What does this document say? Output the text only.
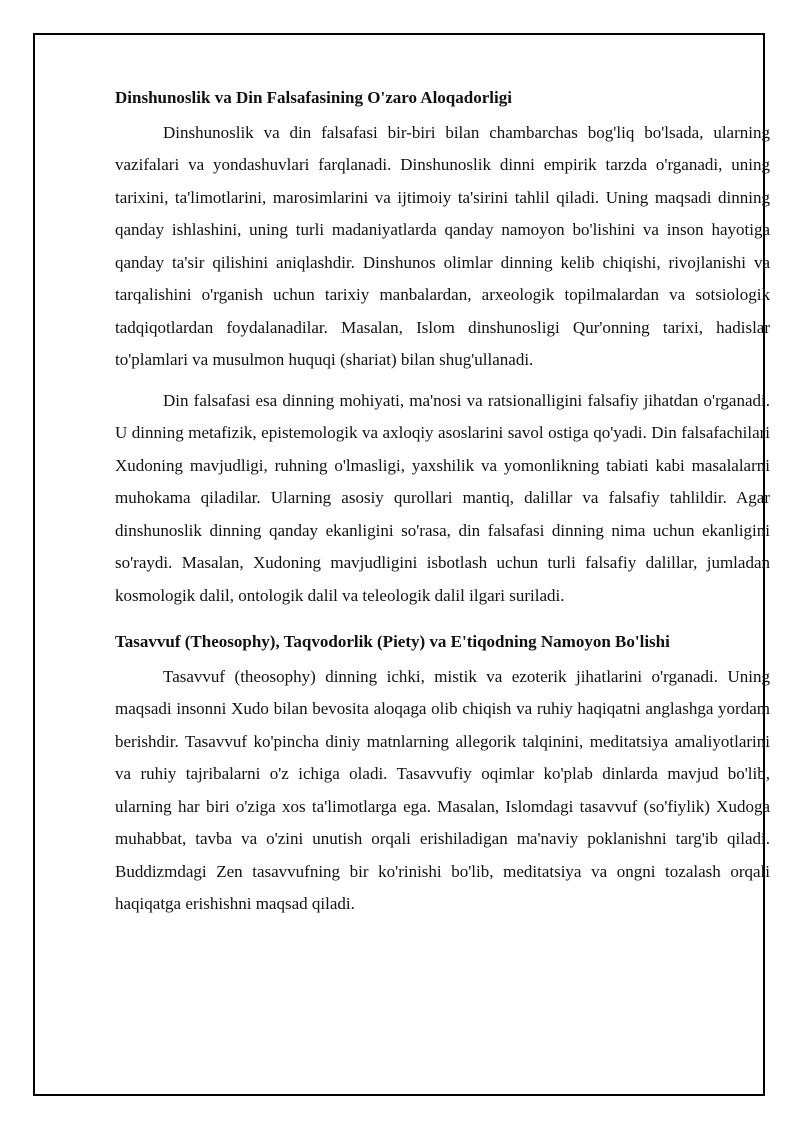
Dinshunoslik va Din Falsafasining O'zaro Aloqadorligi

Dinshunoslik va din falsafasi bir-biri bilan chambarchas bog'liq bo'lsada, ularning vazifalari va yondashuvlari farqlanadi. Dinshunoslik dinni empirik tarzda o'rganadi, uning tarixini, ta'limotlarini, marosimlarini va ijtimoiy ta'sirini tahlil qiladi. Uning maqsadi dinning qanday ishlashini, uning turli madaniyatlarda qanday namoyon bo'lishini va inson hayotiga qanday ta'sir qilishini aniqlashdir. Dinshunos olimlar dinning kelib chiqishi, rivojlanishi va tarqalishini o'rganish uchun tarixiy manbalardan, arxeologik topilmalardan va sotsiologik tadqiqotlardan foydalanadilar. Masalan, Islom dinshunosligi Qur'onning tarixi, hadislar to'plamlari va musulmon huquqi (shariat) bilan shug'ullanadi.

Din falsafasi esa dinning mohiyati, ma'nosi va ratsionalligini falsafiy jihatdan o'rganadi. U dinning metafizik, epistemologik va axloqiy asoslarini savol ostiga qo'yadi. Din falsafachilari Xudoning mavjudligi, ruhning o'lmasligi, yaxshilik va yomonlikning tabiati kabi masalalarni muhokama qiladilar. Ularning asosiy qurollari mantiq, dalillar va falsafiy tahlildir. Agar dinshunoslik dinning qanday ekanligini so'rasa, din falsafasi dinning nima uchun ekanligini so'raydi. Masalan, Xudoning mavjudligini isbotlash uchun turli falsafiy dalillar, jumladan kosmologik dalil, ontologik dalil va teleologik dalil ilgari suriladi.

Tasavvuf (Theosophy), Taqvodorlik (Piety) va E'tiqodning Namoyon Bo'lishi

Tasavvuf (theosophy) dinning ichki, mistik va ezoterik jihatlarini o'rganadi. Uning maqsadi insonni Xudo bilan bevosita aloqaga olib chiqish va ruhiy haqiqatni anglashga yordam berishdir. Tasavvuf ko'pincha diniy matnlarning allegorik talqinini, meditatsiya amaliyotlarini va ruhiy tajribalarni o'z ichiga oladi. Tasavvufiy oqimlar ko'plab dinlarda mavjud bo'lib, ularning har biri o'ziga xos ta'limotlarga ega. Masalan, Islomdagi tasavvuf (so'fiylik) Xudoga muhabbat, tavba va o'zini unutish orqali erishiladigan ma'naviy poklanishni targ'ib qiladi. Buddizmdagi Zen tasavvufning bir ko'rinishi bo'lib, meditatsiya va ongni tozalash orqali haqiqatga erishishni maqsad qiladi.
